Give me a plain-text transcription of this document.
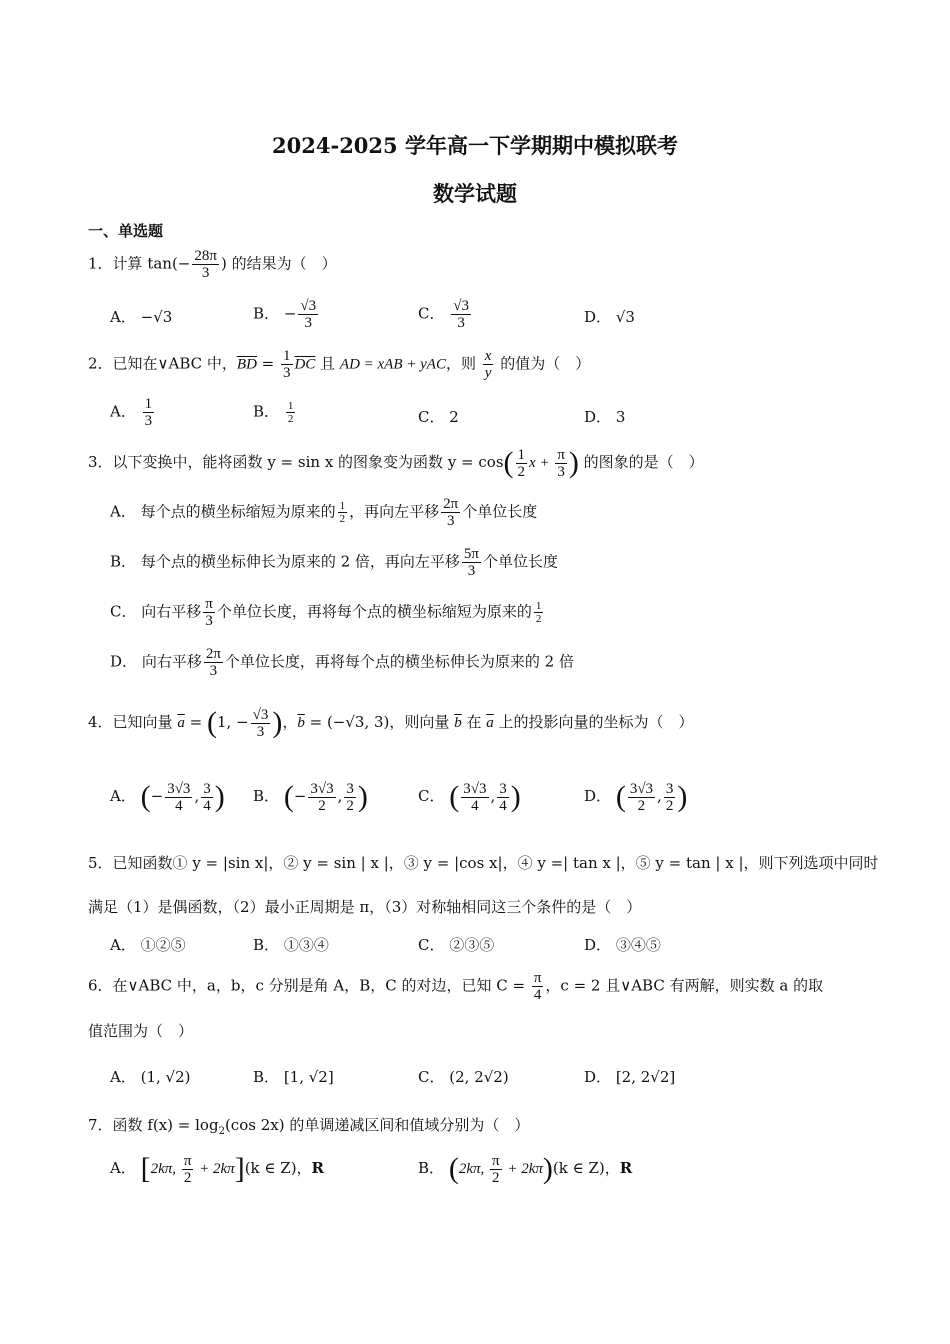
2024-2025 学年高一下学期期中模拟联考
数学试题
一、单选题
1．计算 $\tan(- \frac{28\pi}{3}$ ) 的结果为（　）
A． −√3	B． − $\frac{√3}{3}$	C． $\frac{√3}{3}$	D． √3
2．已知在∨ABC 中，$\overline{BD} = \frac{1}{3} \overline{DC}$ 且 AD = xAB + yAC，则 $\frac{x}{y}$ 的值为（　）
A． $\frac{1}{3}$	B． $\frac{1}{2}$	C． 2	D． 3
3．以下变换中，能将函数 y = sin x 的图象变为函数 $y = \cos( \frac{1}{2}$ $x + \frac{\pi}{3}$ ) 的图象的是（　）
A． 每个点的横坐标缩短为原来的 $\frac{1}{2}$ ，再向左平移 $\frac{2\pi}{3}$ 个单位长度
B． 每个点的横坐标伸长为原来的 2 倍，再向左平移 $\frac{5\pi}{3}$ 个单位长度
C． 向右平移 $\frac{\pi}{3}$ 个单位长度，再将每个点的横坐标缩短为原来的 $\frac{1}{2}$
D． 向右平移 $\frac{2\pi}{3}$ 个单位长度，再将每个点的横坐标伸长为原来的 2 倍
4．已知向量 $\overline{a} = (1$, − $\frac{√3}{3}$ )，$\overline{b} = (-√3$, 3)，则向量 $\overline{b}$ 在 $\overline{a}$ 上的投影向量的坐标为（　）
A． (− $\frac{3√3}{4}$ , $\frac{3}{4}$ ) B． (− $\frac{3√3}{2}$ , $\frac{3}{2}$ )	C． ( $\frac{3√3}{4}$ , $\frac{3}{4}$ )	D． ( $\frac{3√3}{2}$ , $\frac{3}{2}$ )
5．已知函数① y = |sin x|，② y = sin | x |，③ y = |cos x|，④ y =| tan x |，⑤ y = tan | x |，则下列选项中同时
满足（1）是偶函数，（2）最小正周期是 π，（3）对称轴相同这三个条件的是（　）
A． ①②⑤	B． ①③④	C． ②③⑤	D． ③④⑤
6．在∨ABC 中，a，b，c 分别是角 A，B，C 的对边，已知 $C = \frac{\pi}{4}$ ，c = 2 且∨ABC 有两解，则实数 a 的取
值范围为（　）
A． (1, √2)	B． [1, √2]	C． (2, 2√2)	D． [2, 2√2]
7．函数 $f(x) = \log_2(\cos$ 2x) 的单调递减区间和值域分别为（　）
A． [2kπ, $\frac{\pi}{2} + 2k\pi](k$ ∈ Z)，R	B． (2kπ, $\frac{\pi}{2} + 2k\pi)(k$ ∈ Z)，R
